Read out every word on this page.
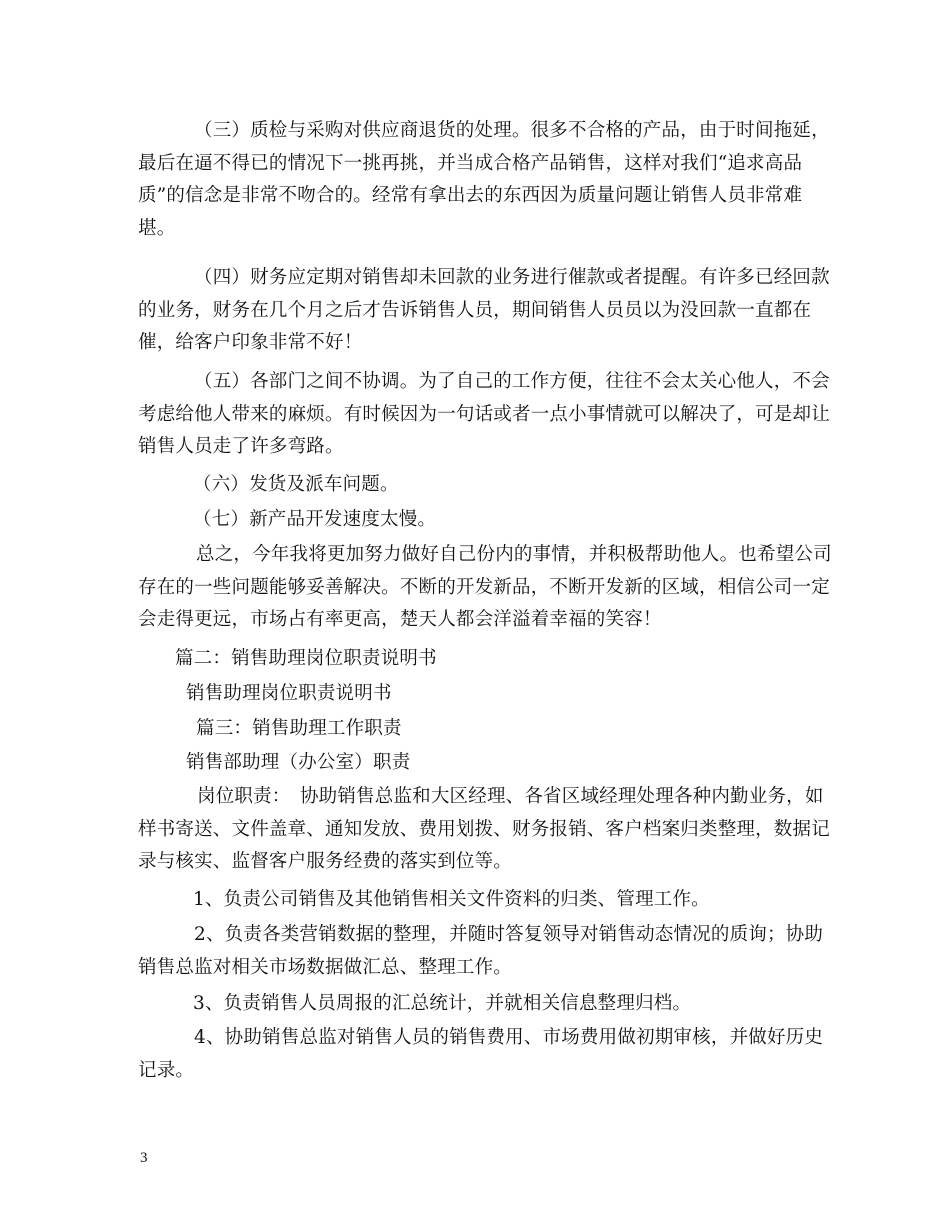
（三）质检与采购对供应商退货的处理。很多不合格的产品，由于时间拖延，最后在逼不得已的情况下一挑再挑，并当成合格产品销售，这样对我们“追求高品质”的信念是非常不吻合的。经常有拿出去的东西因为质量问题让销售人员非常难堪。

（四）财务应定期对销售却未回款的业务进行催款或者提醒。有许多已经回款的业务，财务在几个月之后才告诉销售人员，期间销售人员员以为没回款一直都在催，给客户印象非常不好！

（五）各部门之间不协调。为了自己的工作方便，往往不会太关心他人，不会考虑给他人带来的麻烦。有时候因为一句话或者一点小事情就可以解决了，可是却让销售人员走了许多弯路。

（六）发货及派车问题。

（七）新产品开发速度太慢。

总之，今年我将更加努力做好自己份内的事情，并积极帮助他人。也希望公司存在的一些问题能够妥善解决。不断的开发新品，不断开发新的区域，相信公司一定会走得更远，市场占有率更高，楚天人都会洋溢着幸福的笑容！

篇二：销售助理岗位职责说明书

销售助理岗位职责说明书

篇三：销售助理工作职责

销售部助理（办公室）职责

岗位职责：　协助销售总监和大区经理、各省区域经理处理各种内勤业务，如样书寄送、文件盖章、通知发放、费用划拨、财务报销、客户档案归类整理，数据记录与核实、监督客户服务经费的落实到位等。

1、负责公司销售及其他销售相关文件资料的归类、管理工作。

2、负责各类营销数据的整理，并随时答复领导对销售动态情况的质询；协助销售总监对相关市场数据做汇总、整理工作。

3、负责销售人员周报的汇总统计，并就相关信息整理归档。

4、协助销售总监对销售人员的销售费用、市场费用做初期审核，并做好历史记录。

3
